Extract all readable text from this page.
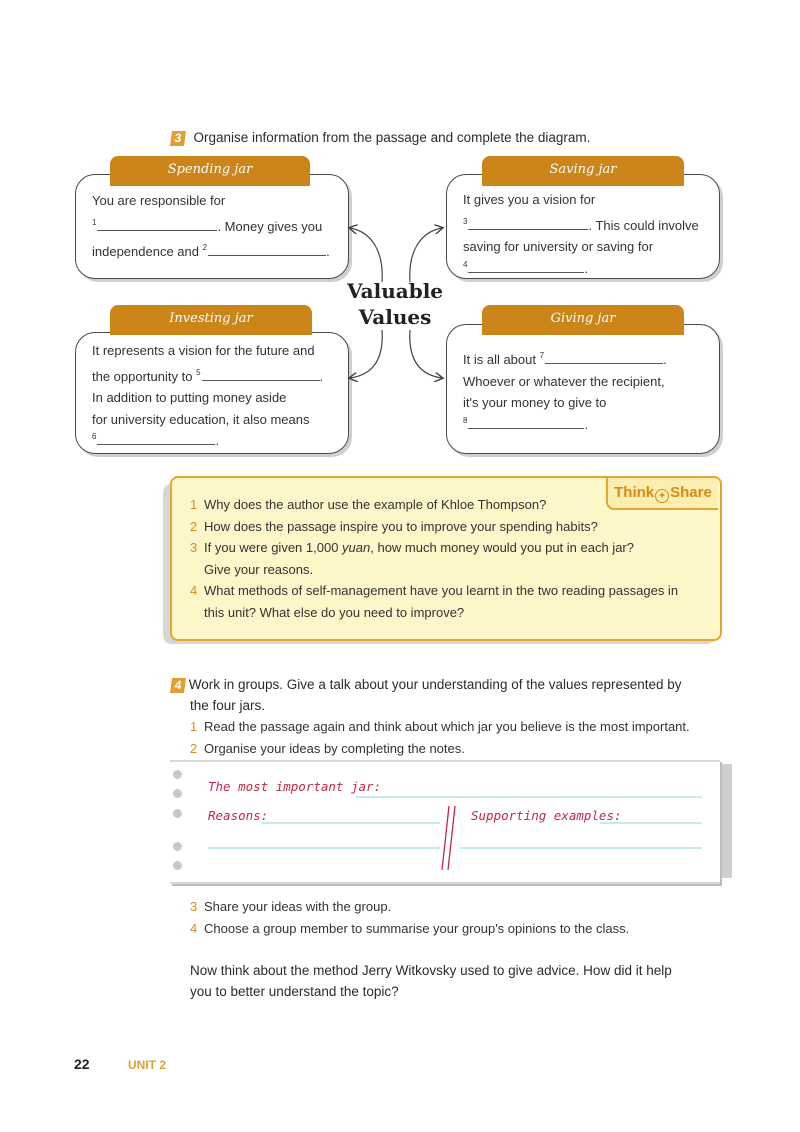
3 Organise information from the passage and complete the diagram.
Spending jar
You are responsible for
$^1$	. Money gives you
independence and $^2$	.
Saving jar
It gives you a vision for
$^3$	. This could involve
saving for university or saving for
$^4$	.
Investing jar
It represents a vision for the future and
the opportunity to $^5$	.
In addition to putting money aside
for university education, it also means
$^6$	.
Giving jar
It is all about $^7$	.
Whoever or whatever the recipient,
it's your money to give to
$^8$	.
Valuable
Values
Think ✦ Share
1 Why does the author use the example of Khloe Thompson?
2 How does the passage inspire you to improve your spending habits?
3 If you were given 1,000 yuan, how much money would you put in each jar?
Give your reasons.
4 What methods of self-management have you learnt in the two reading passages in
this unit? What else do you need to improve?
4 Work in groups. Give a talk about your understanding of the values represented by
the four jars.
1 Read the passage again and think about which jar you believe is the most important.
2 Organise your ideas by completing the notes.
The most important jar:
Reasons:	Supporting examples:
3 Share your ideas with the group.
4 Choose a group member to summarise your group's opinions to the class.
Now think about the method Jerry Witkovsky used to give advice. How did it help
you to better understand the topic?
22	UNIT 2
